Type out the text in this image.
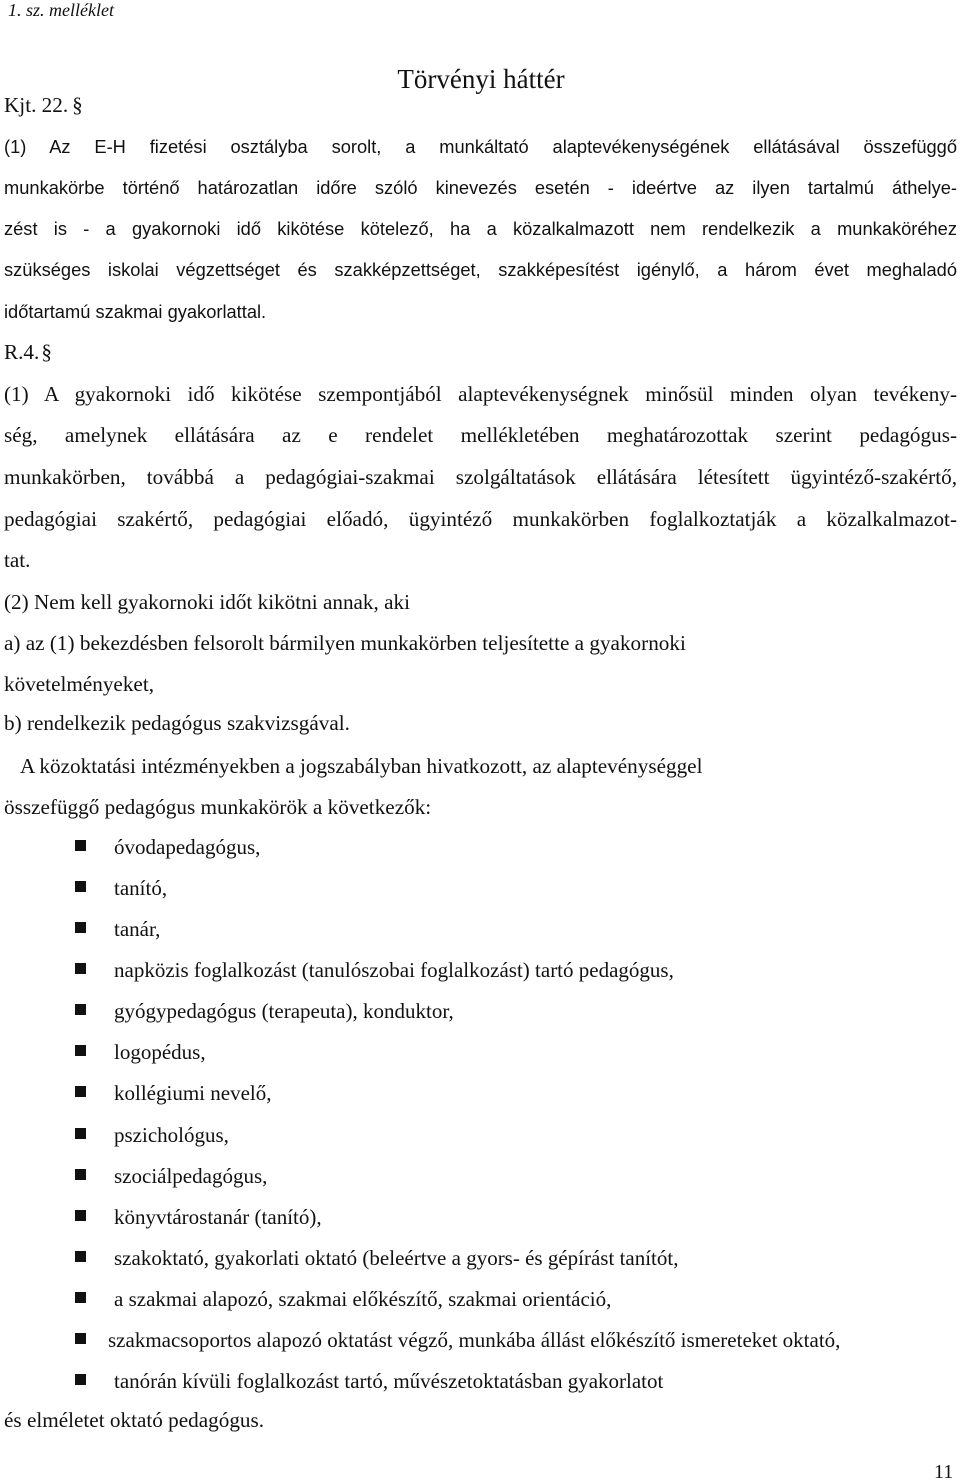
1. sz. melléklet
Törvényi háttér
Kjt. 22. §
(1) Az E-H fizetési osztályba sorolt, a munkáltató alaptevékenységének ellátásával összefüggő
munkakörbe történő határozatlan időre szóló kinevezés esetén - ideértve az ilyen tartalmú áthelye-
zést is - a gyakornoki idő kikötése kötelező, ha a közalkalmazott nem rendelkezik a munkaköréhez
szükséges iskolai végzettséget és szakképzettséget, szakképesítést igénylő, a három évet meghaladó
időtartamú szakmai gyakorlattal.
R.4.§
(1) A gyakornoki idő kikötése szempontjából alaptevékenységnek minősül minden olyan tevékeny-
ség, amelynek ellátására az e rendelet mellékletében meghatározottak szerint pedagógus-
munkakörben, továbbá a pedagógiai-szakmai szolgáltatások ellátására létesített ügyintéző-szakértő,
pedagógiai szakértő, pedagógiai előadó, ügyintéző munkakörben foglalkoztatják a közalkalmazot-
tat.
(2) Nem kell gyakornoki időt kikötni annak, aki
a) az (1) bekezdésben felsorolt bármilyen munkakörben teljesítette a gyakornoki
követelményeket,
b) rendelkezik pedagógus szakvizsgával.
A közoktatási intézményekben a jogszabályban hivatkozott, az alaptevénységgel
összefüggő pedagógus munkakörök a következők:
óvodapedagógus,
tanító,
tanár,
napközis foglalkozást (tanulószobai foglalkozást) tartó pedagógus,
gyógypedagógus (terapeuta), konduktor,
logopédus,
kollégiumi nevelő,
pszichológus,
szociálpedagógus,
könyvtárostanár (tanító),
szakoktató, gyakorlati oktató (beleértve a gyors- és gépírást tanítót,
a szakmai alapozó, szakmai előkészítő, szakmai orientáció,
szakmacsoportos alapozó oktatást végző, munkába állást előkészítő ismereteket oktató,
tanórán kívüli foglalkozást tartó, művészetoktatásban gyakorlatot
és elméletet oktató pedagógus.
11
